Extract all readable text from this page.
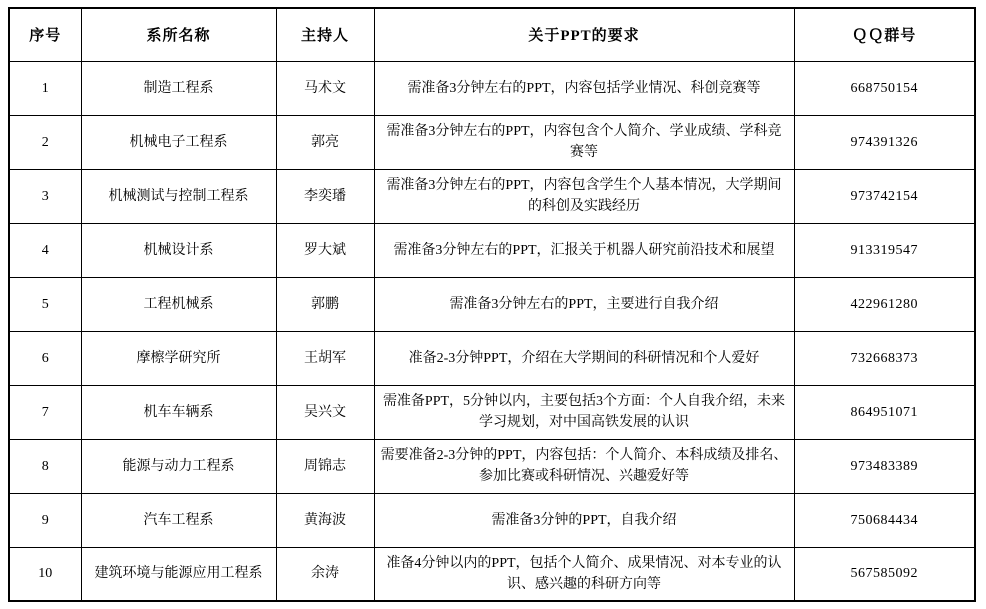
序号	系所名称	主持人	关于PPT的要求	ＱＱ群号
1	制造工程系	马术文	需准备3分钟左右的PPT，内容包括学业情况、科创竞赛等	668750154
2	机械电子工程系	郭亮	需准备3分钟左右的PPT，内容包含个人简介、学业成绩、学科竞赛等	974391326
3	机械测试与控制工程系	李奕璠	需准备3分钟左右的PPT，内容包含学生个人基本情况，大学期间的科创及实践经历	973742154
4	机械设计系	罗大斌	需准备3分钟左右的PPT，汇报关于机器人研究前沿技术和展望	913319547
5	工程机械系	郭鹏	需准备3分钟左右的PPT，主要进行自我介绍	422961280
6	摩檫学研究所	王胡军	准备2-3分钟PPT，介绍在大学期间的科研情况和个人爱好	732668373
7	机车车辆系	吴兴文	需准备PPT，5分钟以内，主要包括3个方面：个人自我介绍，未来学习规划，对中国高铁发展的认识	864951071
8	能源与动力工程系	周锦志	需要准备2-3分钟的PPT，内容包括：个人简介、本科成绩及排名、参加比赛或科研情况、兴趣爱好等	973483389
9	汽车工程系	黄海波	需准备3分钟的PPT，自我介绍	750684434
10	建筑环境与能源应用工程系	余涛	准备4分钟以内的PPT，包括个人简介、成果情况、对本专业的认识、感兴趣的科研方向等	567585092
